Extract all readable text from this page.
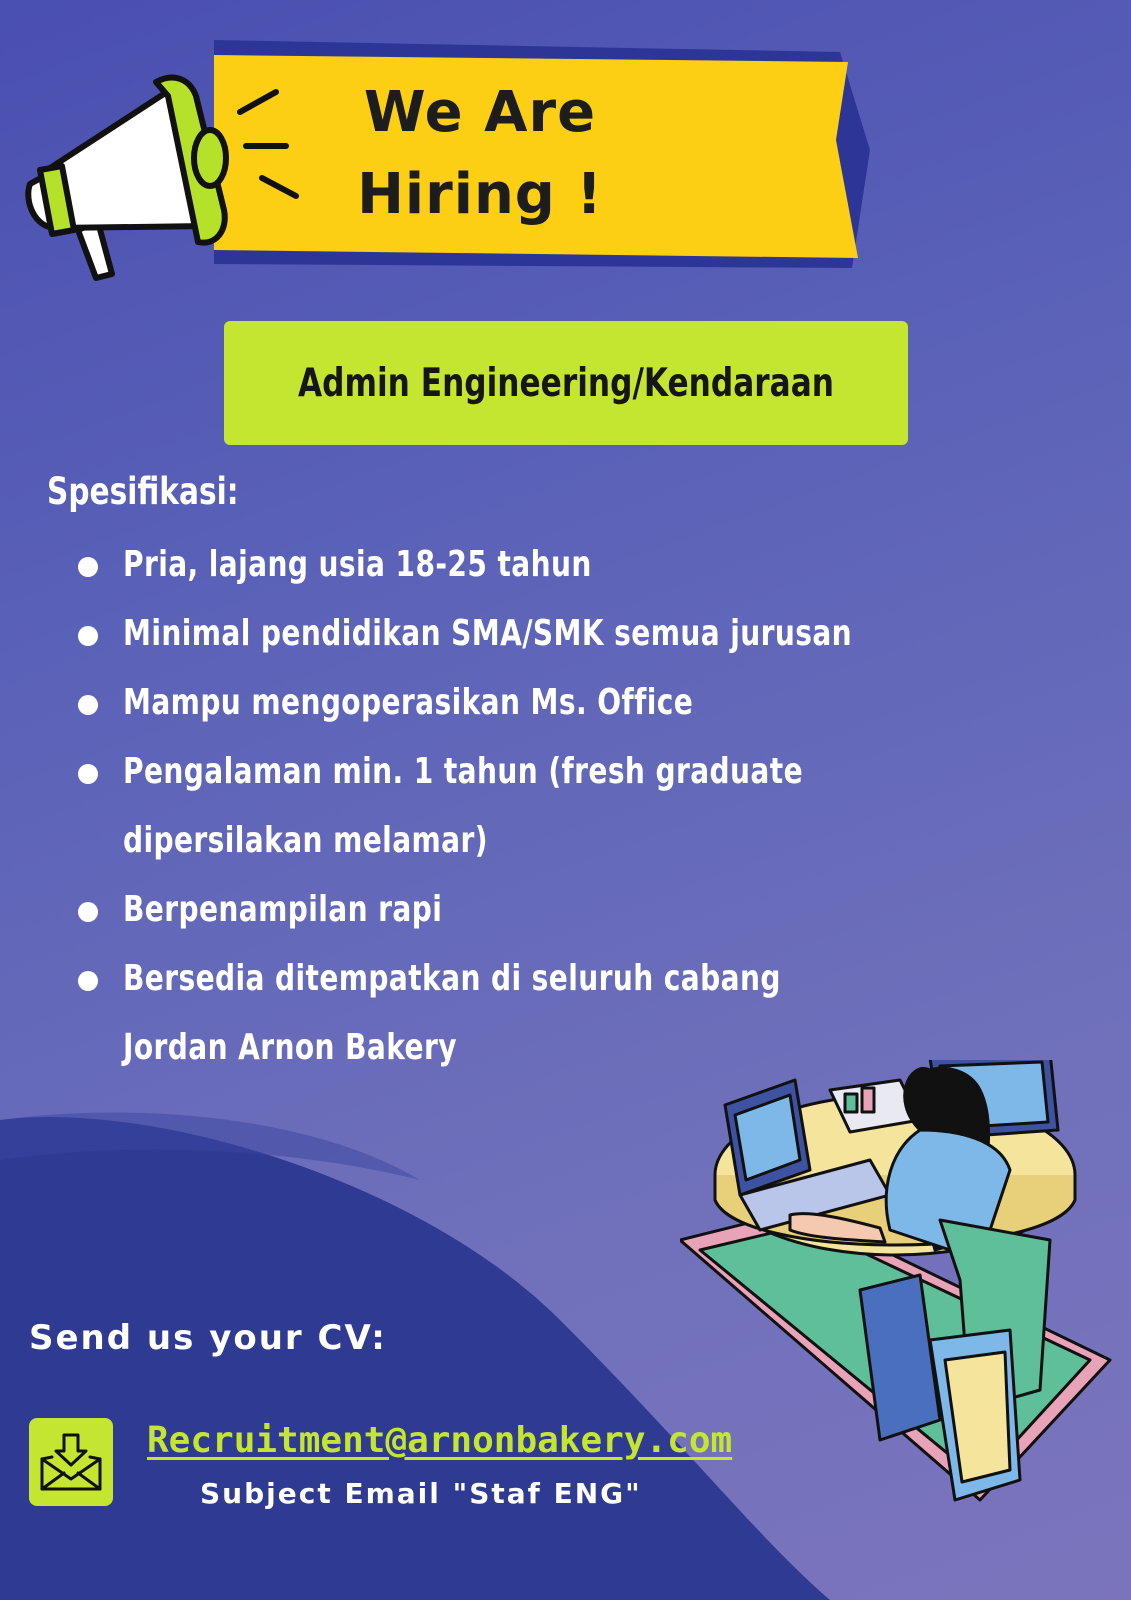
We Are
Hiring !
Admin Engineering/Kendaraan
Spesifikasi:
Pria, lajang usia 18-25 tahun
Minimal pendidikan SMA/SMK semua jurusan
Mampu mengoperasikan Ms. Office
Pengalaman min. 1 tahun (fresh graduate dipersilakan melamar)
Berpenampilan rapi
Bersedia ditempatkan di seluruh cabang Jordan Arnon Bakery
Send us your CV:
Recruitment@arnonbakery.com
Subject Email "Staf ENG"
